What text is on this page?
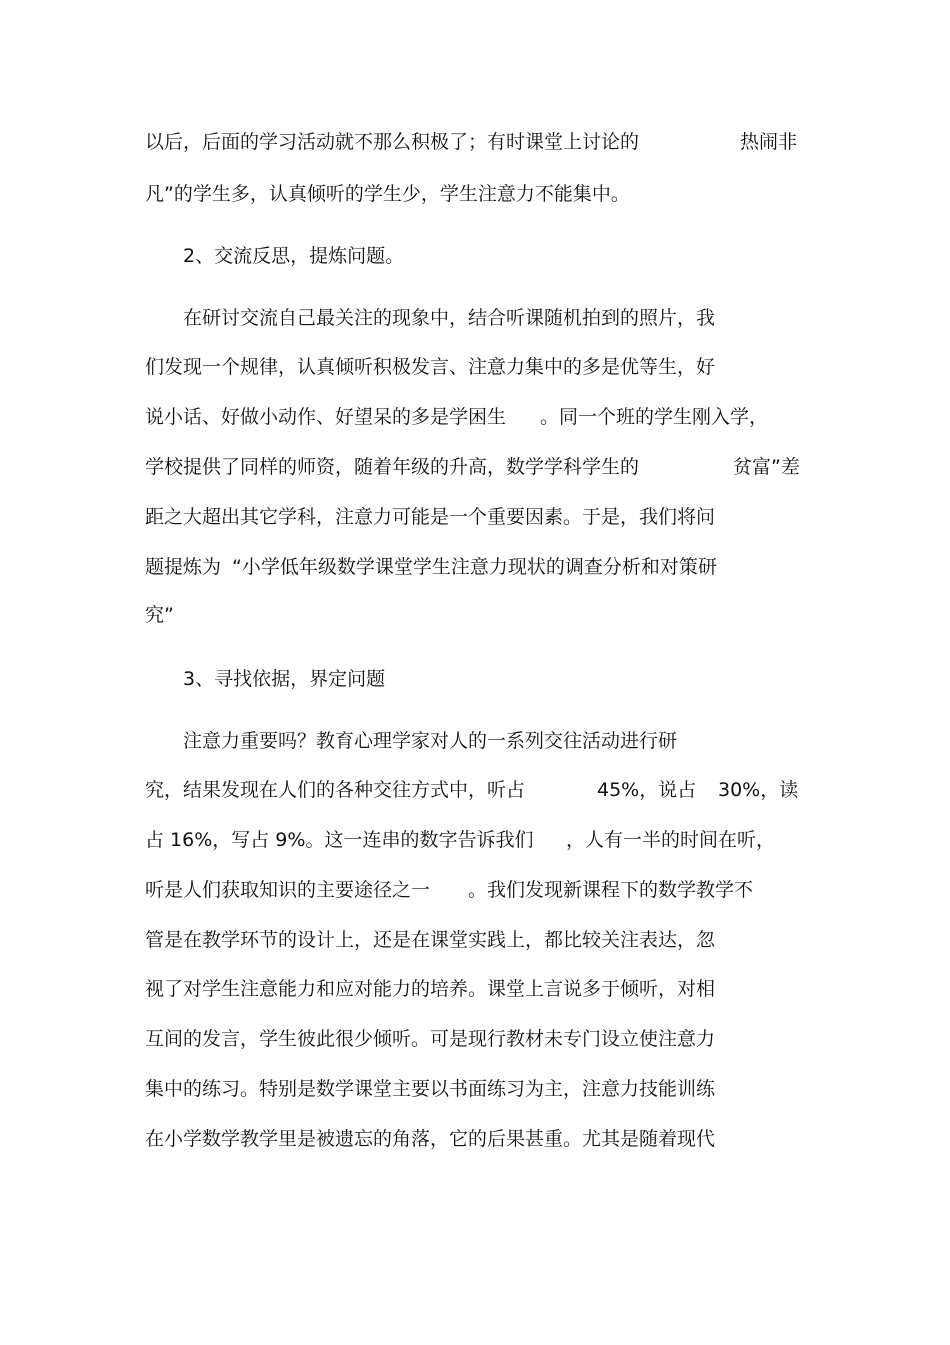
以后，后面的学习活动就不那么积极了；有时课堂上讨论的	热闹非
凡”的学生多，认真倾听的学生少，学生注意力不能集中。
2、交流反思，提炼问题。
在研讨交流自己最关注的现象中，结合听课随机拍到的照片，我
们发现一个规律，认真倾听积极发言、注意力集中的多是优等生，好
说小话、好做小动作、好望呆的多是学困生 。同一个班的学生刚入学，
学校提供了同样的师资，随着年级的升高，数学学科学生的	贫富”差
距之大超出其它学科，注意力可能是一个重要因素。于是，我们将问
题提炼为 “小学低年级数学课堂学生注意力现状的调查分析和对策研
究”
3、寻找依据，界定问题
注意力重要吗？教育心理学家对人的一系列交往活动进行研
究，结果发现在人们的各种交往方式中，听占	45%，说占 30%，读
占 16%，写占 9%。这一连串的数字告诉我们 ，人有一半的时间在听，
听是人们获取知识的主要途径之一 。我们发现新课程下的数学教学不
管是在教学环节的设计上，还是在课堂实践上，都比较关注表达，忽
视了对学生注意能力和应对能力的培养。课堂上言说多于倾听，对相
互间的发言，学生彼此很少倾听。可是现行教材未专门设立使注意力
集中的练习。特别是数学课堂主要以书面练习为主，注意力技能训练
在小学数学教学里是被遗忘的角落，它的后果甚重。尤其是随着现代
